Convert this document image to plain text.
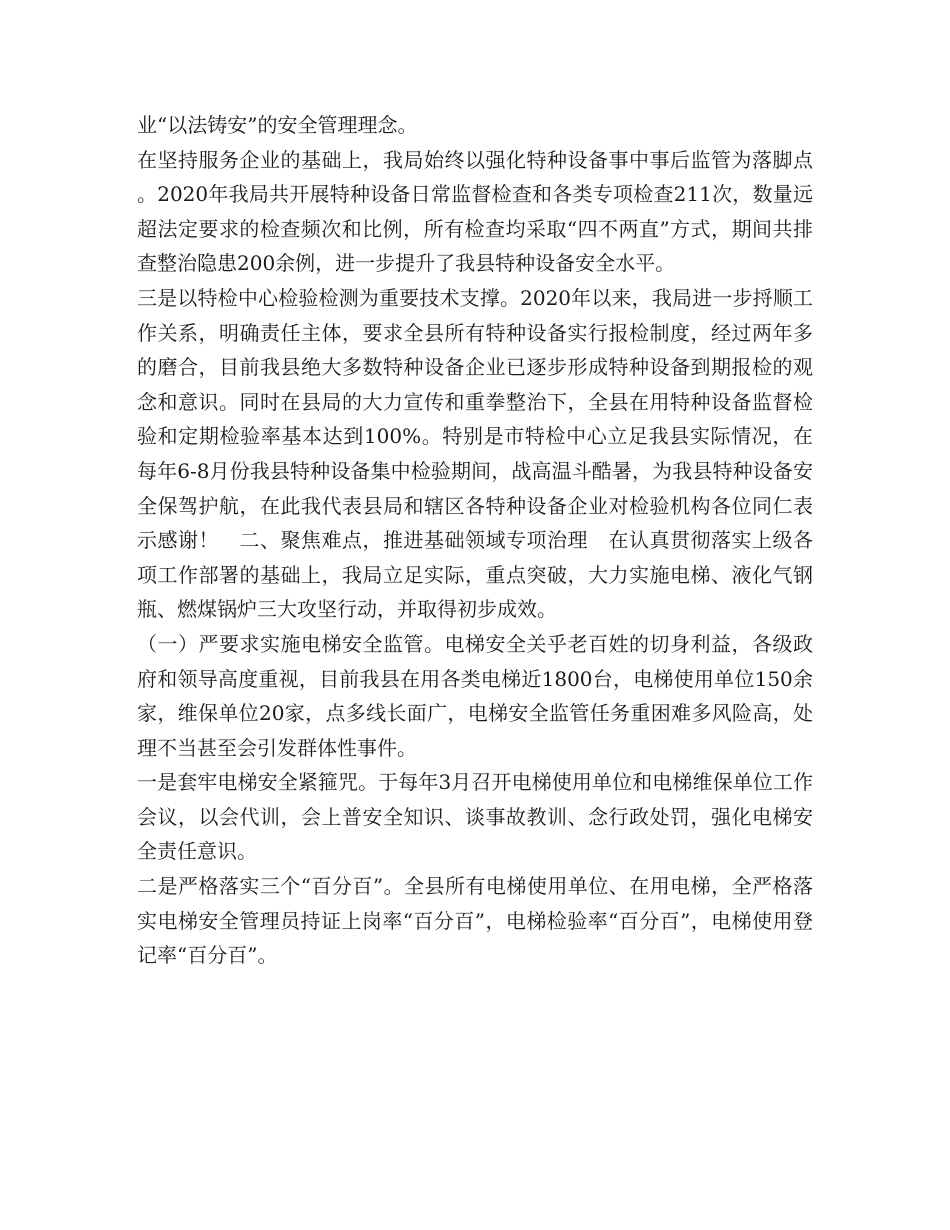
业“以法铸安”的安全管理理念。

在坚持服务企业的基础上，我局始终以强化特种设备事中事后监管为落脚点。2020年我局共开展特种设备日常监督检查和各类专项检查211次，数量远超法定要求的检查频次和比例，所有检查均采取“四不两直”方式，期间共排查整治隐患200余例，进一步提升了我县特种设备安全水平。

三是以特检中心检验检测为重要技术支撑。2020年以来，我局进一步捋顺工作关系，明确责任主体，要求全县所有特种设备实行报检制度，经过两年多的磨合，目前我县绝大多数特种设备企业已逐步形成特种设备到期报检的观念和意识。同时在县局的大力宣传和重拳整治下，全县在用特种设备监督检验和定期检验率基本达到100%。特别是市特检中心立足我县实际情况，在每年6-8月份我县特种设备集中检验期间，战高温斗酷暑，为我县特种设备安全保驾护航，在此我代表县局和辖区各特种设备企业对检验机构各位同仁表示感谢！　二、聚焦难点，推进基础领域专项治理　在认真贯彻落实上级各项工作部署的基础上，我局立足实际，重点突破，大力实施电梯、液化气钢瓶、燃煤锅炉三大攻坚行动，并取得初步成效。

（一）严要求实施电梯安全监管。电梯安全关乎老百姓的切身利益，各级政府和领导高度重视，目前我县在用各类电梯近1800台，电梯使用单位150余家，维保单位20家，点多线长面广，电梯安全监管任务重困难多风险高，处理不当甚至会引发群体性事件。

一是套牢电梯安全紧箍咒。于每年3月召开电梯使用单位和电梯维保单位工作会议，以会代训，会上普安全知识、谈事故教训、念行政处罚，强化电梯安全责任意识。

二是严格落实三个“百分百”。全县所有电梯使用单位、在用电梯，全严格落实电梯安全管理员持证上岗率“百分百”，电梯检验率“百分百”，电梯使用登记率“百分百”。
